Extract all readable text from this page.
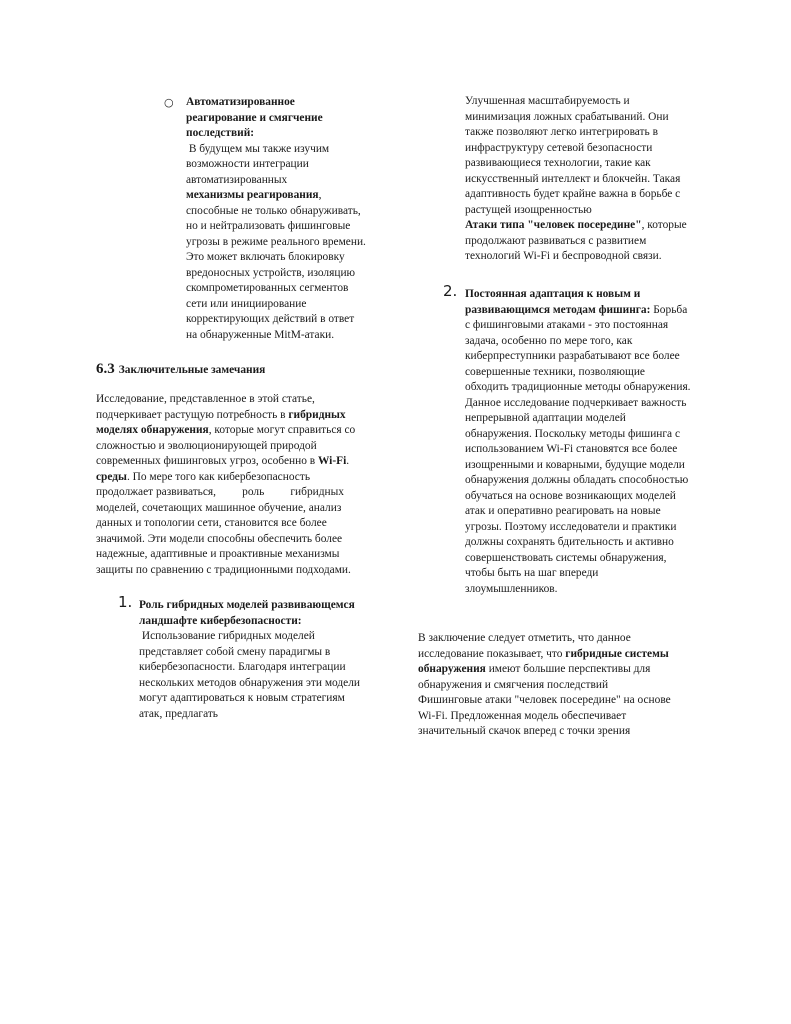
○ Автоматизированное
реагирование и смягчение
последствий:
В будущем мы также изучим
возможности интеграции
автоматизированных
механизмы реагирования,
способные не только обнаруживать,
но и нейтрализовать фишинговые
угрозы в режиме реального времени.
Это может включать блокировку
вредоносных устройств, изоляцию
скомпрометированных сегментов
сети или инициирование
корректирующих действий в ответ
на обнаруженные MitM-атаки.
6.3 Заключительные замечания
Исследование, представленное в этой статье,
подчеркивает растущую потребность в гибридных
моделях обнаружения, которые могут справиться со
сложностью и эволюционирующей природой
современных фишинговых угроз, особенно в Wi-Fi.
среды. По мере того как кибербезопасность

продолжает развиваться, роль гибридных
моделей, сочетающих машинное обучение, анализ
данных и топологии сети, становится все более
значимой. Эти модели способны обеспечить более
надежные, адаптивные и проактивные механизмы
защиты по сравнению с традиционными подходами.
1. Роль гибридных моделей развивающемся
ландшафте кибербезопасности:
Использование гибридных моделей
представляет собой смену парадигмы в
кибербезопасности. Благодаря интеграции
нескольких методов обнаружения эти модели
могут адаптироваться к новым стратегиям
атак, предлагать
Улучшенная масштабируемость и
минимизация ложных срабатываний. Они
также позволяют легко интегрировать в
инфраструктуру сетевой безопасности
развивающиеся технологии, такие как
искусственный интеллект и блокчейн. Такая
адаптивность будет крайне важна в борьбе с
растущей изощренностью
Атаки типа "человек посередине", которые
продолжают развиваться с развитием
технологий Wi-Fi и беспроводной связи.
2. Постоянная адаптация к новым и
развивающимся методам фишинга: Борьба
с фишинговыми атаками - это постоянная
задача, особенно по мере того, как
киберпреступники разрабатывают все более
совершенные техники, позволяющие
обходить традиционные методы обнаружения.
Данное исследование подчеркивает важность
непрерывной адаптации моделей
обнаружения. Поскольку методы фишинга с
использованием Wi-Fi становятся все более
изощренными и коварными, будущие модели
обнаружения должны обладать способностью
обучаться на основе возникающих моделей
атак и оперативно реагировать на новые
угрозы. Поэтому исследователи и практики
должны сохранять бдительность и активно
совершенствовать системы обнаружения,
чтобы быть на шаг впереди
злоумышленников.
В заключение следует отметить, что данное
исследование показывает, что гибридные системы
обнаружения имеют большие перспективы для
обнаружения и смягчения последствий
Фишинговые атаки "человек посередине" на основе
Wi-Fi. Предложенная модель обеспечивает
значительный скачок вперед с точки зрения
